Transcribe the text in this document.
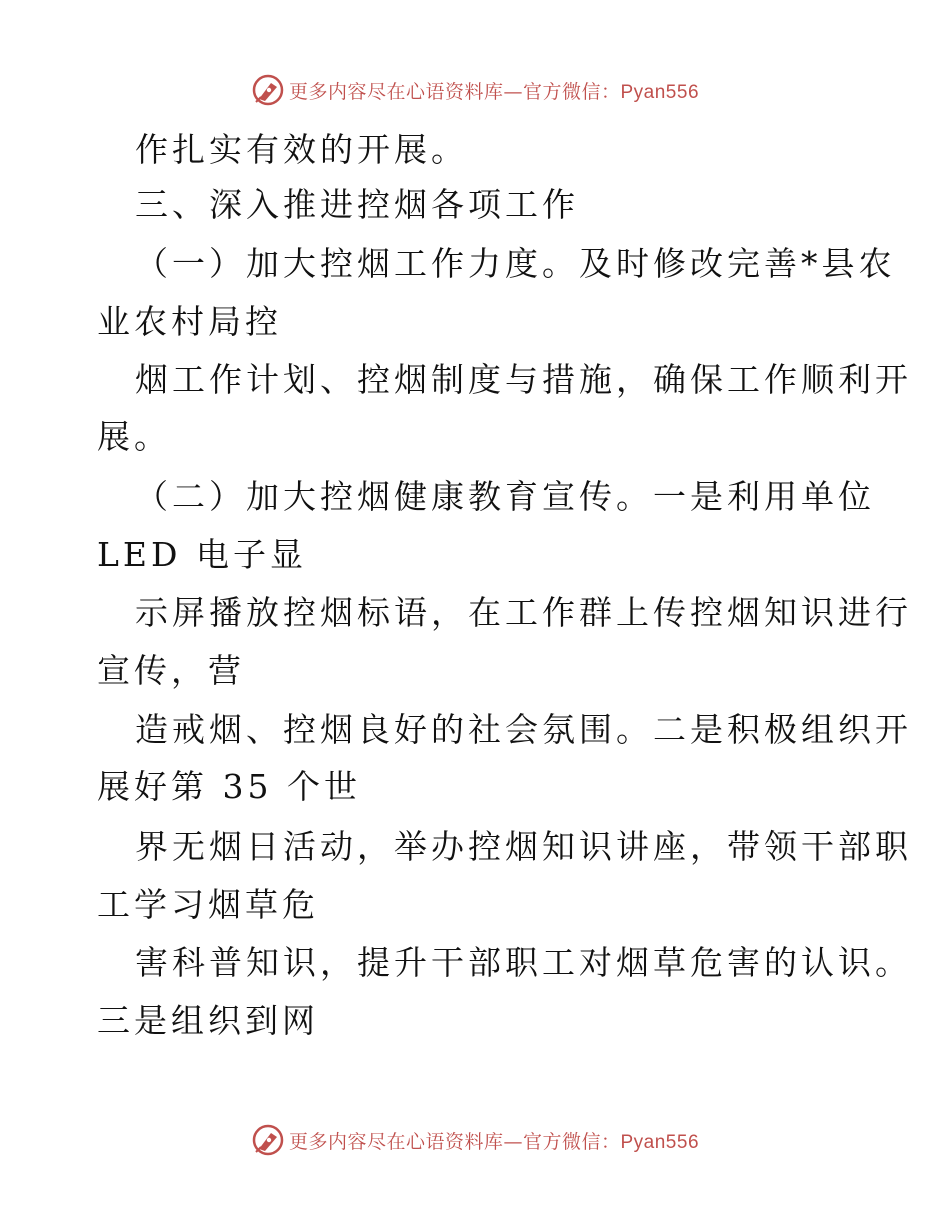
更多内容尽在心语资料库—官方微信：Pyan556
作扎实有效的开展。
三、深入推进控烟各项工作
（一）加大控烟工作力度。及时修改完善*县农
业农村局控
烟工作计划、控烟制度与措施，确保工作顺利开
展。
（二）加大控烟健康教育宣传。一是利用单位
LED 电子显
示屏播放控烟标语，在工作群上传控烟知识进行
宣传，营
造戒烟、控烟良好的社会氛围。二是积极组织开
展好第 35 个世
界无烟日活动，举办控烟知识讲座，带领干部职
工学习烟草危
害科普知识，提升干部职工对烟草危害的认识。
三是组织到网
更多内容尽在心语资料库—官方微信：Pyan556
